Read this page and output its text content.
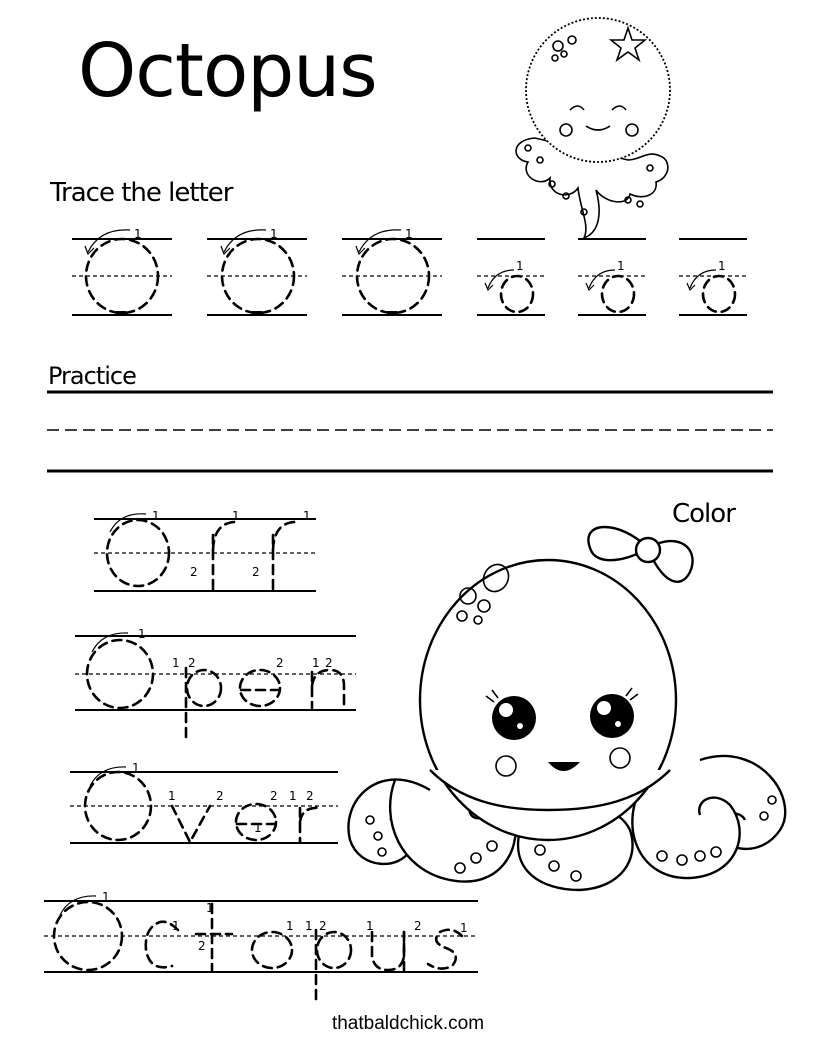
Octopus
Trace the letter
Practice
Color
thatbaldchick.com
1	1	1
1	1	1
1
2
1
2
1
1
1 2	2 1 2
1
1	2
1
2 1 2
1
1
2
1
1 1 2	1	2	1
